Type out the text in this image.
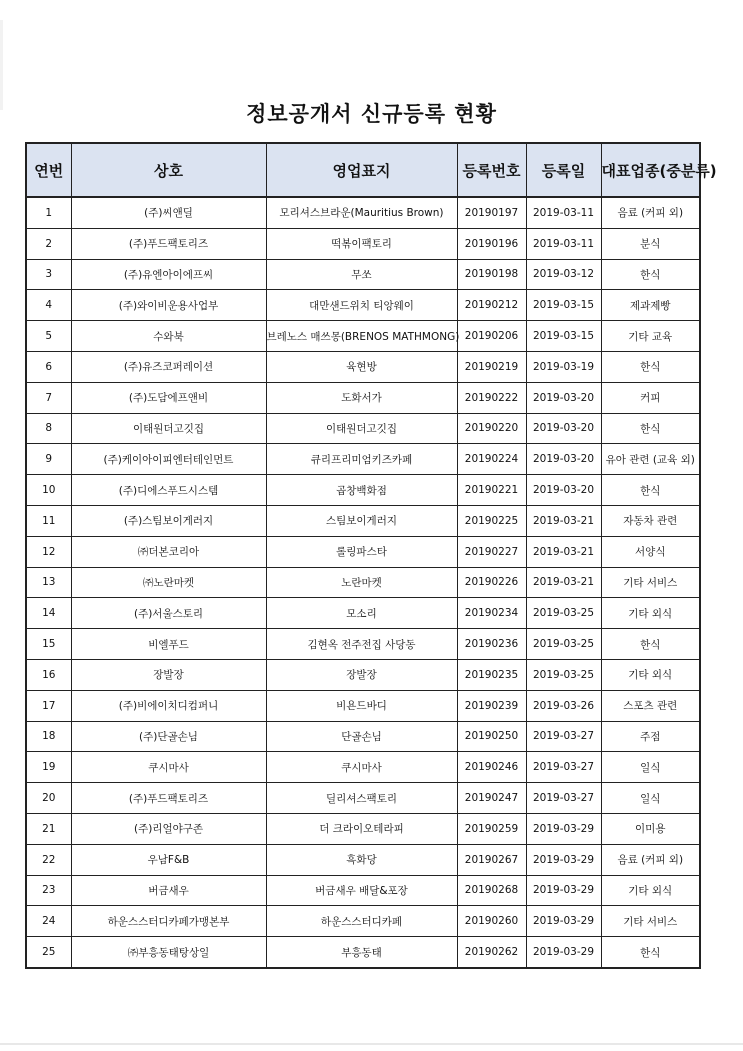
정보공개서 신규등록 현황
연번	상호	영업표지	등록번호	등록일	대표업종(중분류)
1	(주)씨앤딜	모리셔스브라운(Mauritius Brown)	20190197	2019-03-11	음료 (커피 외)
2	(주)푸드팩토리즈	떡볶이팩토리	20190196	2019-03-11	분식
3	(주)유엔아이에프씨	무쏘	20190198	2019-03-12	한식
4	(주)와이비운용사업부	대만샌드위치 티앙웨이	20190212	2019-03-15	제과제빵
5	수와북	브레노스 매쓰몽(BRENOS MATHMONG)	20190206	2019-03-15	기타 교육
6	(주)유즈코퍼레이션	육현방	20190219	2019-03-19	한식
7	(주)도담에프앤비	도화서가	20190222	2019-03-20	커피
8	이태원더고깃집	이태원더고깃집	20190220	2019-03-20	한식
9	(주)케이아이피엔터테인먼트	큐리프리미엄키즈카페	20190224	2019-03-20	유아 관련 (교육 외)
10	(주)디에스푸드시스템	곱창백화점	20190221	2019-03-20	한식
11	(주)스팀보이게러지	스팀보이게러지	20190225	2019-03-21	자동차 관련
12	㈜더본코리아	롤링파스타	20190227	2019-03-21	서양식
13	㈜노란마켓	노란마켓	20190226	2019-03-21	기타 서비스
14	(주)서울스토리	모소리	20190234	2019-03-25	기타 외식
15	비엘푸드	김현옥 전주전집 사당동	20190236	2019-03-25	한식
16	장발장	장발장	20190235	2019-03-25	기타 외식
17	(주)비에이치디컴퍼니	비욘드바디	20190239	2019-03-26	스포츠 관련
18	(주)단골손님	단골손님	20190250	2019-03-27	주점
19	쿠시마사	쿠시마사	20190246	2019-03-27	일식
20	(주)푸드팩토리즈	딜리셔스팩토리	20190247	2019-03-27	일식
21	(주)리얼야구존	더 크라이오테라피	20190259	2019-03-29	이미용
22	우남F&B	흑화당	20190267	2019-03-29	음료 (커피 외)
23	버금새우	버금새우 배달&포장	20190268	2019-03-29	기타 외식
24	하운스스터디카페가맹본부	하운스스터디카페	20190260	2019-03-29	기타 서비스
25	㈜부흥동태탕상일	부흥동태	20190262	2019-03-29	한식
